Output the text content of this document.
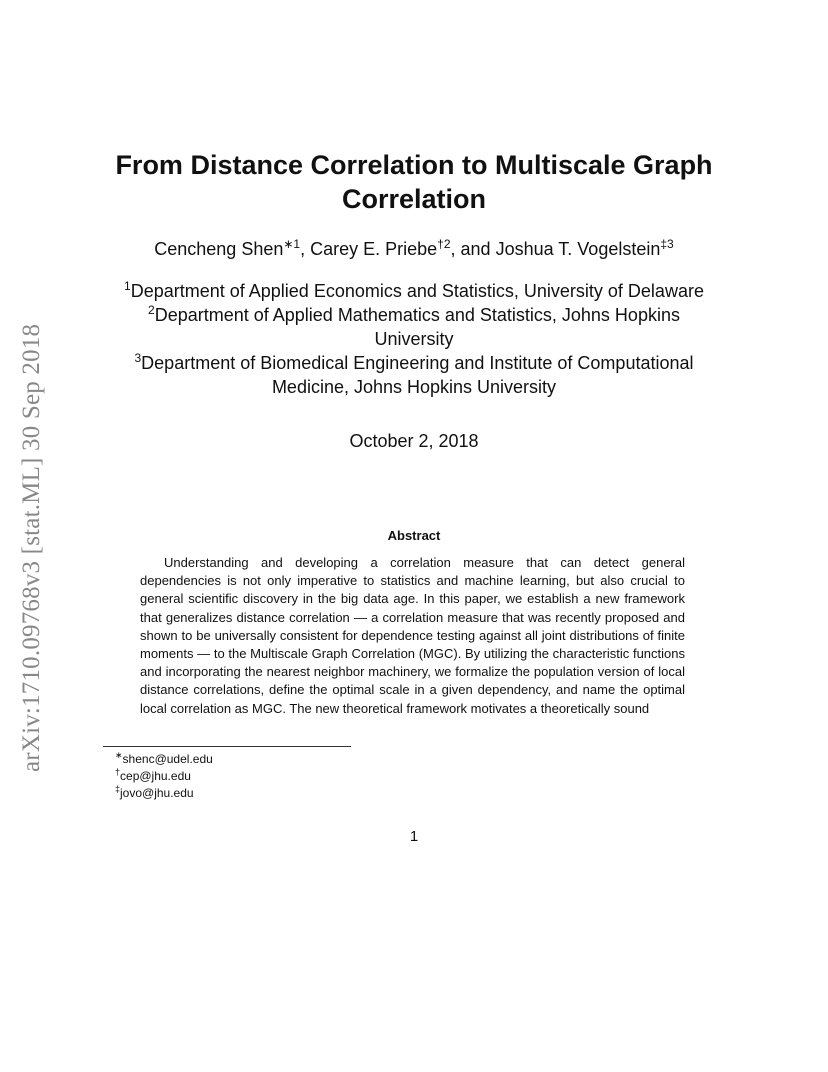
arXiv:1710.09768v3 [stat.ML] 30 Sep 2018
From Distance Correlation to Multiscale Graph
Correlation
Cencheng Shen$^{∗1}$, Carey E. Priebe$^{\dagger 2}$, and Joshua T. Vogelstein$^{\ddagger 3}$
$^1$Department of Applied Economics and Statistics, University of Delaware
$^2$Department of Applied Mathematics and Statistics, Johns Hopkins
University
$^3$Department of Biomedical Engineering and Institute of Computational
Medicine, Johns Hopkins University
October 2, 2018
Abstract
Understanding and developing a correlation measure that can detect general dependencies is not only imperative to statistics and machine learning, but also crucial to general scientific discovery in the big data age. In this paper, we establish a new framework that generalizes distance correlation — a correlation measure that was recently proposed and shown to be universally consistent for dependence testing against all joint distributions of finite moments — to the Multiscale Graph Correlation (MGC). By utilizing the characteristic functions and incorporating the nearest neighbor machinery, we formalize the population version of local distance correlations, define the optimal scale in a given dependency, and name the optimal local correlation as MGC. The new theoretical framework motivates a theoretically sound
∗shenc@udel.edu
†cep@jhu.edu
‡jovo@jhu.edu
1
